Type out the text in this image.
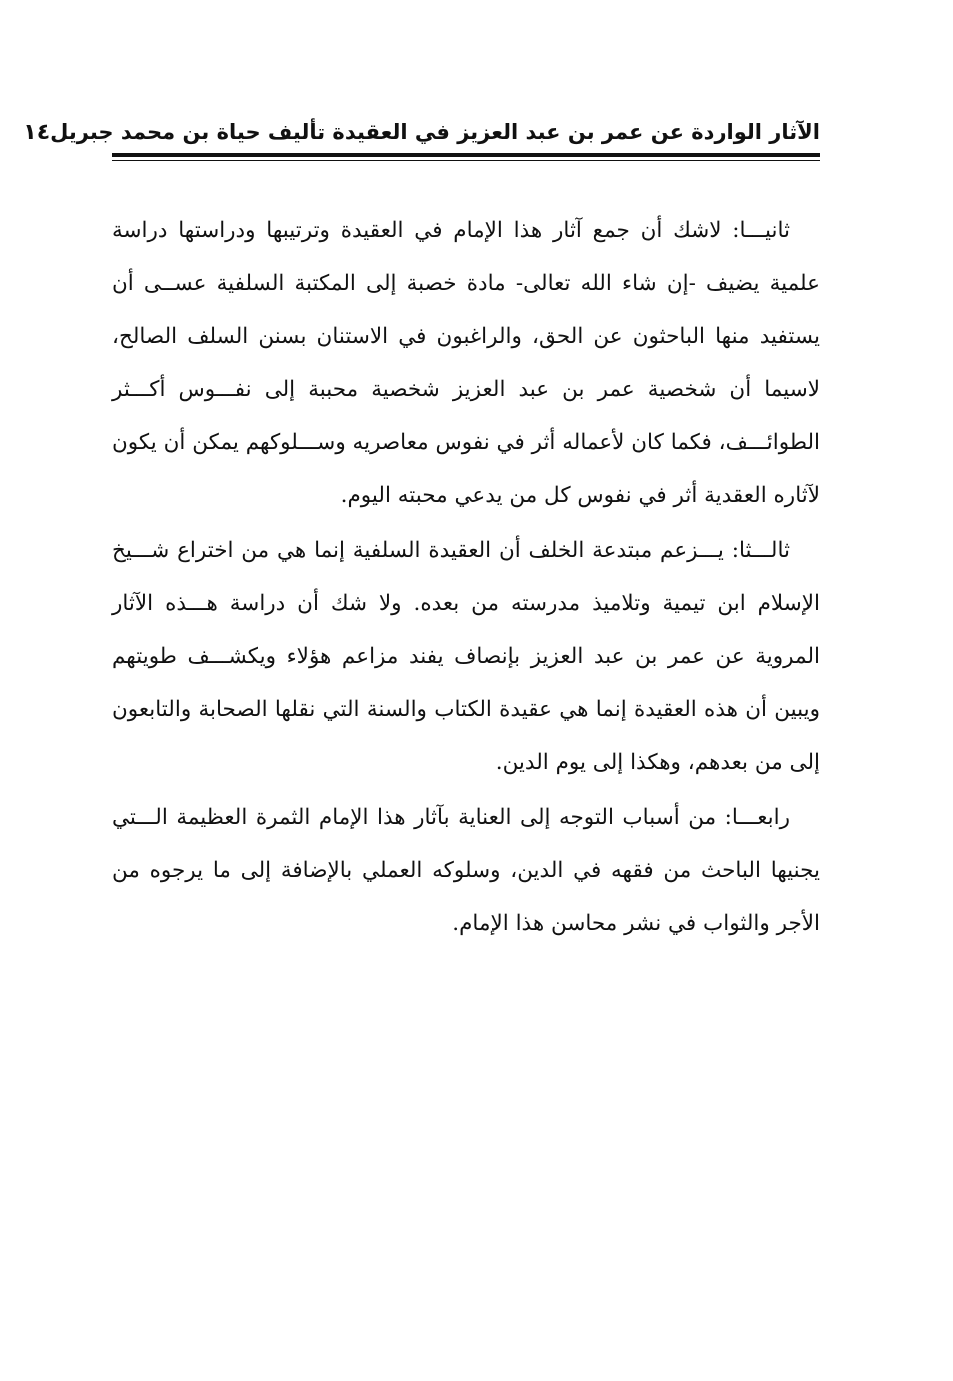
الآثار الواردة عن عمر بن عبد العزيز في العقيدة تأليف حياة بن محمد جبريل
١٤

ثانيـــا: لاشك أن جمع آثار هذا الإمام في العقيدة وترتيبها ودراستها دراسة علمية يضيف -إن شاء الله تعالى- مادة خصبة إلى المكتبة السلفية عســى أن يستفيد منها الباحثون عن الحق، والراغبون في الاستنان بسنن السلف الصالح، لاسيما أن شخصية عمر بن عبد العزيز شخصية محببة إلى نفـــوس أكـــثر الطوائـــف، فكما كان لأعماله أثر في نفوس معاصريه وســـلوكهم يمكن أن يكون لآثاره العقدية أثر في نفوس كل من يدعي محبته اليوم.

ثالـــثا: يـــزعم مبتدعة الخلف أن العقيدة السلفية إنما هي من اختراع شـــيخ الإسلام ابن تيمية وتلاميذ مدرسته من بعده. ولا شك أن دراسة هـــذه الآثار المروية عن عمر بن عبد العزيز بإنصاف يفند مزاعم هؤلاء ويكشـــف طويتهم ويبين أن هذه العقيدة إنما هي عقيدة الكتاب والسنة التي نقلها الصحابة والتابعون إلى من بعدهم، وهكذا إلى يوم الدين.

رابعـــا: من أسباب التوجه إلى العناية بآثار هذا الإمام الثمرة العظيمة الـــتي يجنيها الباحث من فقهه في الدين، وسلوكه العملي بالإضافة إلى ما يرجوه من الأجر والثواب في نشر محاسن هذا الإمام.
